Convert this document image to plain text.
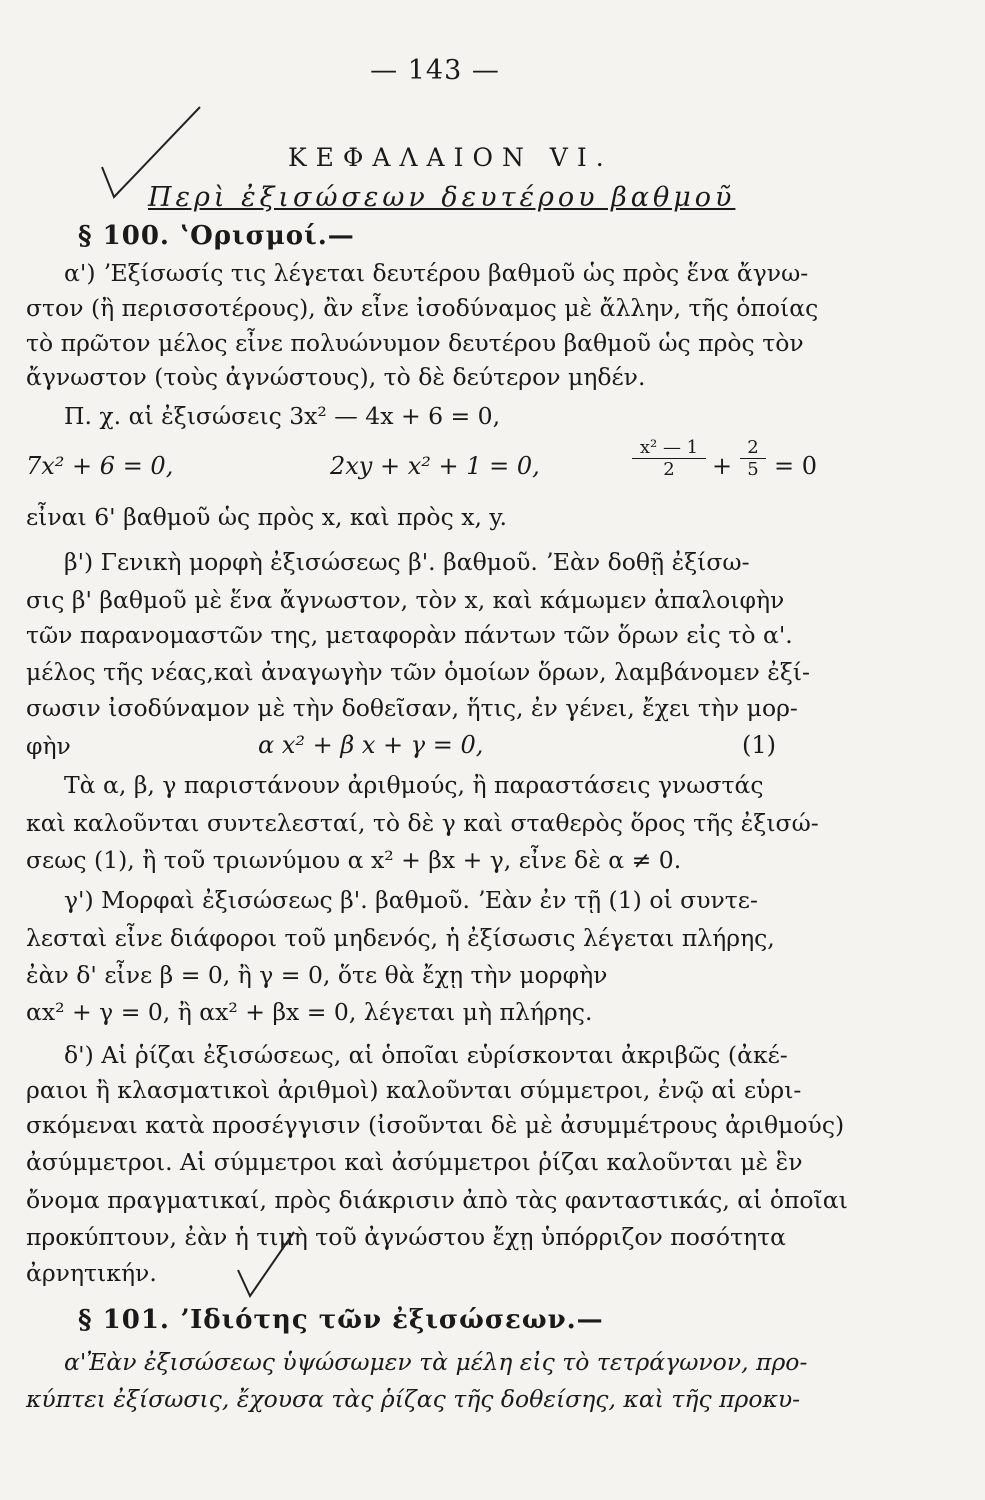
— 143 —
ΚΕΦΑΛΑΙΟΝ VI.
Περὶ ἐξισώσεων δευτέρου βαθμοῦ
§ 100. ʽΟρισμοί.—
α') ʼΕξίσωσίς τις λέγεται δευτέρου βαθμοῦ ὡς πρὸς ἕνα ἄγνω-
στον (ἢ περισσοτέρους), ἂν εἶνε ἰσοδύναμος μὲ ἄλλην, τῆς ὁποίας
τὸ πρῶτον μέλος εἶνε πολυώνυμον δευτέρου βαθμοῦ ὡς πρὸς τὸν
ἄγνωστον (τοὺς ἀγνώστους), τὸ δὲ δεύτερον μηδέν.
Π. χ. αἱ ἐξισώσεις 3x² — 4x + 6 = 0,
7x² + 6 = 0,	2xy + x² + 1 = 0,	$\frac{\text{x² — 1}}{2} + \frac{2}{5} = 0$
εἶναι 6' βαθμοῦ ὡς πρὸς x, καὶ πρὸς x, y.
β') Γενικὴ μορφὴ ἐξισώσεως β'. βαθμοῦ. ʼΕὰν δοθῇ ἐξίσω-
σις β' βαθμοῦ μὲ ἕνα ἄγνωστον, τὸν x, καὶ κάμωμεν ἀπαλοιφὴν
τῶν παρανομαστῶν της, μεταφορὰν πάντων τῶν ὅρων εἰς τὸ α'.
μέλος τῆς νέας,καὶ ἀναγωγὴν τῶν ὁμοίων ὅρων, λαμβάνομεν ἐξί-
σωσιν ἰσοδύναμον μὲ τὴν δοθεῖσαν, ἥτις, ἐν γένει, ἔχει τὴν μορ-
φὴν	α x² + β x + γ = 0,	(1)
Τὰ α, β, γ παριστάνουν ἀριθμούς, ἢ παραστάσεις γνωστάς
καὶ καλοῦνται συντελεσταί, τὸ δὲ γ καὶ σταθερὸς ὅρος τῆς ἐξισώ-
σεως (1), ἢ τοῦ τριωνύμου α x² + βx + γ, εἶνε δὲ α ≠ 0.
γ') Μορφαὶ ἐξισώσεως β'. βαθμοῦ. ʼΕὰν ἐν τῇ (1) οἱ συντε-
λεσταὶ εἶνε διάφοροι τοῦ μηδενός, ἡ ἐξίσωσις λέγεται πλήρης,
ἐὰν δ' εἶνε β = 0, ἢ γ = 0, ὅτε θὰ ἔχῃ τὴν μορφὴν
αx² + γ = 0, ἢ αx² + βx = 0, λέγεται μὴ πλήρης.
δ') Αἱ ῥίζαι ἐξισώσεως, αἱ ὁποῖαι εὑρίσκονται ἀκριβῶς (ἀκέ-
ραιοι ἢ κλασματικοὶ ἀριθμοὶ) καλοῦνται σύμμετροι, ἐνῷ αἱ εὑρι-
σκόμεναι κατὰ προσέγγισιν (ἰσοῦνται δὲ μὲ ἀσυμμέτρους ἀριθμούς)
ἀσύμμετροι. Αἱ σύμμετροι καὶ ἀσύμμετροι ῥίζαι καλοῦνται μὲ ἓν
ὄνομα πραγματικαί, πρὸς διάκρισιν ἀπὸ τὰς φανταστικάς, αἱ ὁποῖαι
προκύπτουν, ἐὰν ἡ τιμὴ τοῦ ἀγνώστου ἔχῃ ὑπόρριζον ποσότητα
ἀρνητικήν.
§ 101. ʼΙδιότης τῶν ἐξισώσεων.—
α'Ἐὰν ἐξισώσεως ὑψώσωμεν τὰ μέλη εἰς τὸ τετράγωνον, προ-
κύπτει ἐξίσωσις, ἔχουσα τὰς ῥίζας τῆς δοθείσης, καὶ τῆς προκυ-
